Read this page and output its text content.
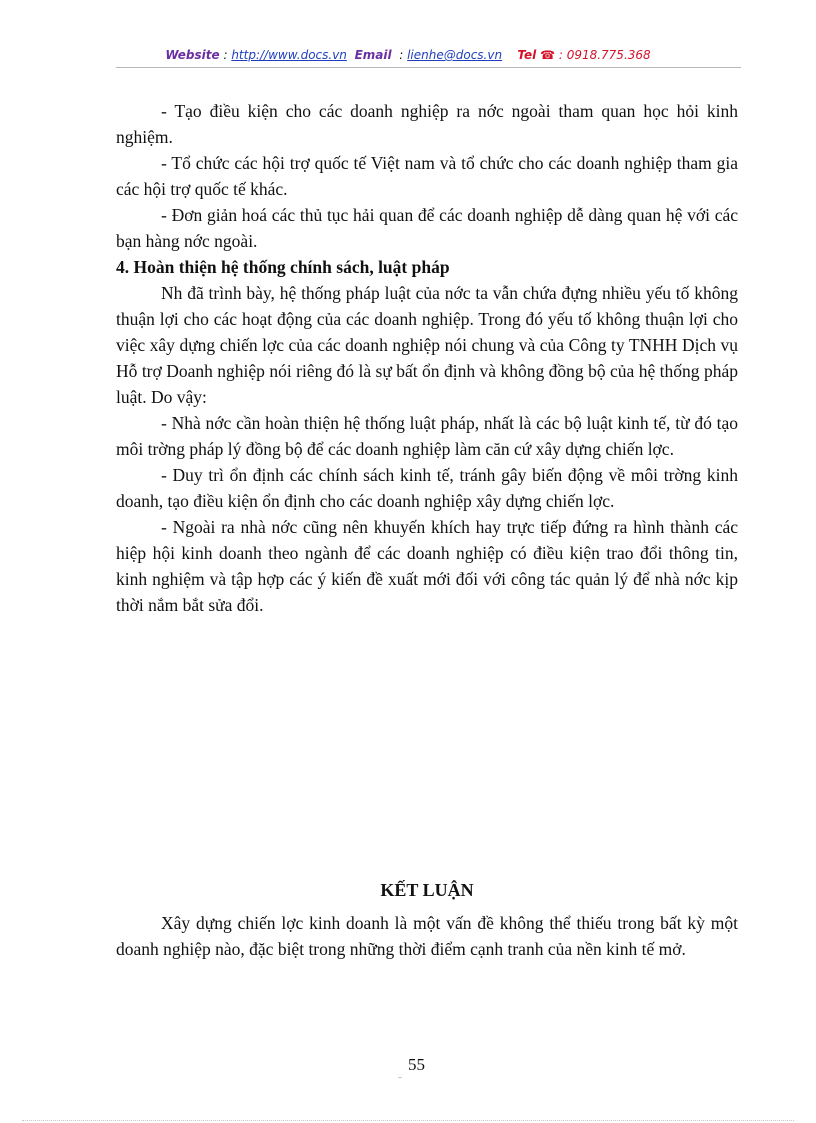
Website : http://www.docs.vn Email  : lienhe@docs.vn Tel ☎ : 0918.775.368

- Tạo điều kiện cho các doanh nghiệp ra nớc ngoài tham quan học hỏi kinh nghiệm.

- Tổ chức các hội trợ quốc tế Việt nam và tổ chức cho các doanh nghiệp tham gia các hội trợ quốc tế khác.

- Đơn giản hoá các thủ tục hải quan để các doanh nghiệp dễ dàng quan hệ với các bạn hàng nớc ngoài.

4. Hoàn thiện hệ thống chính sách, luật pháp

Nh đã trình bày, hệ thống pháp luật của nớc ta vẫn chứa đựng nhiều yếu tố không thuận lợi cho các hoạt động của các doanh nghiệp. Trong đó yếu tố không thuận lợi cho việc xây dựng chiến lợc của các doanh nghiệp nói chung và của Công ty TNHH Dịch vụ Hỗ trợ Doanh nghiệp nói riêng đó là sự bất ổn định và không đồng bộ của hệ thống pháp luật. Do vậy:

- Nhà nớc cần hoàn thiện hệ thống luật pháp, nhất là các bộ luật kinh tế, từ đó tạo môi trờng pháp lý đồng bộ để các doanh nghiệp làm căn cứ xây dựng chiến lợc.

- Duy trì ổn định các chính sách kinh tế, tránh gây biến động về môi trờng kinh doanh, tạo điều kiện ổn định cho các doanh nghiệp xây dựng chiến lợc.

- Ngoài ra nhà nớc cũng nên khuyến khích hay trực tiếp đứng ra hình thành các hiệp hội kinh doanh theo ngành để các doanh nghiệp có điều kiện trao đổi thông tin, kinh nghiệm và tập hợp các ý kiến đề xuất mới đối với công tác quản lý để nhà nớc kịp thời nắm bắt sửa đổi.

KẾT LUẬN

Xây dựng chiến lợc kinh doanh là một vấn đề không thể thiếu trong bất kỳ một doanh nghiệp nào, đặc biệt trong những thời điểm cạnh tranh của nền kinh tế mở.

_
55
